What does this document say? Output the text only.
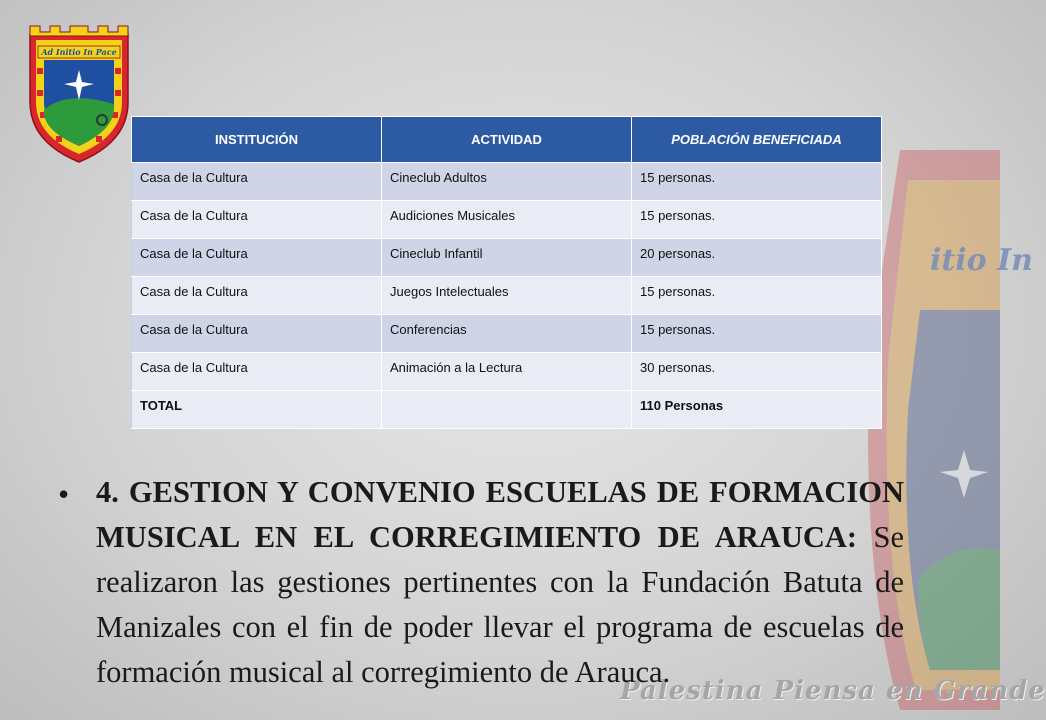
Ad Initio In Pace
itio In
Palestina Piensa en Grande
INSTITUCIÓN	ACTIVIDAD	POBLACIÓN BENEFICIADA
Casa de la Cultura	Cineclub Adultos	15 personas.
Casa de la Cultura	Audiciones Musicales	15 personas.
Casa de la Cultura	Cineclub Infantil	20 personas.
Casa de la Cultura	Juegos Intelectuales	15 personas.
Casa de la Cultura	Conferencias	15 personas.
Casa de la Cultura	Animación a la Lectura	30 personas.
TOTAL		110 Personas
• 4. GESTION Y CONVENIO ESCUELAS DE FORMACION MUSICAL EN EL CORREGIMIENTO DE ARAUCA: Se realizaron las gestiones pertinentes con la Fundación Batuta de Manizales con el fin de poder llevar el programa de escuelas de formación musical al corregimiento de Arauca.
